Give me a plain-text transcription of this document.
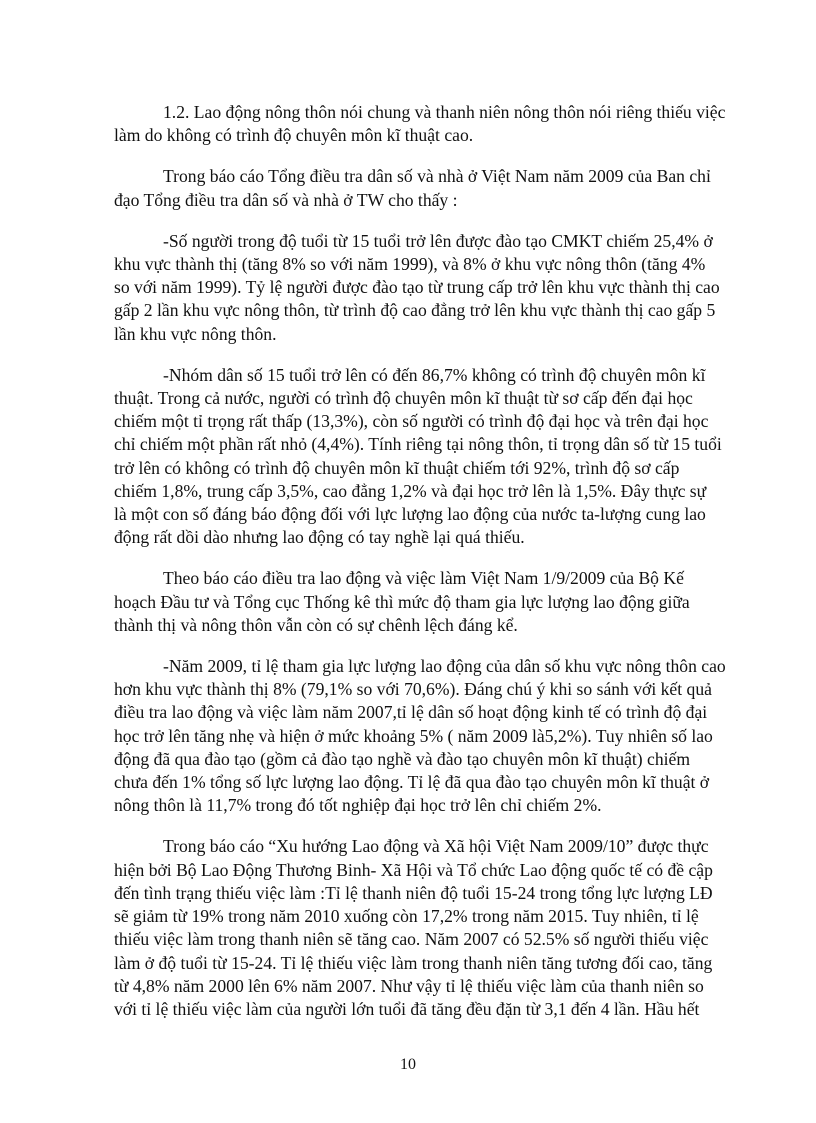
1.2. Lao động nông thôn nói chung và thanh niên nông thôn nói riêng thiếu việc
làm do không có trình độ chuyên môn kĩ thuật cao.

Trong báo cáo Tổng điều tra dân số và nhà ở Việt Nam năm 2009 của Ban chỉ
đạo Tổng điều tra dân số và nhà ở TW cho thấy :

-Số người trong độ tuổi từ 15 tuổi trở lên được đào tạo CMKT chiếm 25,4% ở
khu vực thành thị (tăng 8% so với năm 1999), và 8% ở khu vực nông thôn (tăng 4%
so với năm 1999). Tỷ lệ người được đào tạo từ trung cấp trở lên khu vực thành thị cao
gấp 2 lần khu vực nông thôn, từ trình độ cao đẳng trở lên khu vực thành thị cao gấp 5
lần khu vực nông thôn.

-Nhóm dân số 15 tuổi trở lên có đến 86,7% không có trình độ chuyên môn kĩ
thuật. Trong cả nước, người có trình độ chuyên môn kĩ thuật từ sơ cấp đến đại học
chiếm một tỉ trọng rất thấp (13,3%), còn số người có trình độ đại học và trên đại học
chỉ chiếm một phần rất nhỏ (4,4%). Tính riêng tại nông thôn, tỉ trọng dân số từ 15 tuổi
trở lên có không có trình độ chuyên môn kĩ thuật chiếm tới 92%, trình độ sơ cấp
chiếm 1,8%, trung cấp 3,5%, cao đẳng 1,2% và đại học trở lên là 1,5%. Đây thực sự
là một con số đáng báo động đối với lực lượng lao động của nước ta-lượng cung lao
động rất dồi dào nhưng lao động có tay nghề lại quá thiếu.

Theo báo cáo điều tra lao động và việc làm Việt Nam 1/9/2009 của Bộ Kế
hoạch Đầu tư và Tổng cục Thống kê thì mức độ tham gia lực lượng lao động giữa
thành thị và nông thôn vẫn còn có sự chênh lệch đáng kể.

-Năm 2009, tỉ lệ tham gia lực lượng lao động của dân số khu vực nông thôn cao
hơn khu vực thành thị 8% (79,1% so với 70,6%). Đáng chú ý khi so sánh với kết quả
điều tra lao động và việc làm năm 2007,tỉ lệ dân số hoạt động kinh tế có trình độ đại
học trở lên tăng nhẹ và hiện ở mức khoảng 5% ( năm 2009 là5,2%). Tuy nhiên số lao
động đã qua đào tạo (gồm cả đào tạo nghề và đào tạo chuyên môn kĩ thuật) chiếm
chưa đến 1% tổng số lực lượng lao động. Tỉ lệ đã qua đào tạo chuyên môn kĩ thuật ở
nông thôn là 11,7% trong đó tốt nghiệp đại học trở lên chỉ chiếm 2%.

Trong báo cáo “Xu hướng Lao động và Xã hội Việt Nam 2009/10” được thực
hiện bởi Bộ Lao Động Thương Binh- Xã Hội và Tổ chức Lao động quốc tế có đề cập
đến tình trạng thiếu việc làm :Tỉ lệ thanh niên độ tuổi 15-24 trong tổng lực lượng LĐ
sẽ giảm từ 19% trong năm 2010 xuống còn 17,2% trong năm 2015. Tuy nhiên, tỉ lệ
thiếu việc làm trong thanh niên sẽ tăng cao. Năm 2007 có 52.5% số người thiếu việc
làm ở độ tuổi từ 15-24. Tỉ lệ thiếu việc làm trong thanh niên tăng tương đối cao, tăng
từ 4,8% năm 2000 lên 6% năm 2007. Như vậy tỉ lệ thiếu việc làm của thanh niên so
với tỉ lệ thiếu việc làm của người lớn tuổi đã tăng đều đặn từ 3,1 đến 4 lần. Hầu hết

10
